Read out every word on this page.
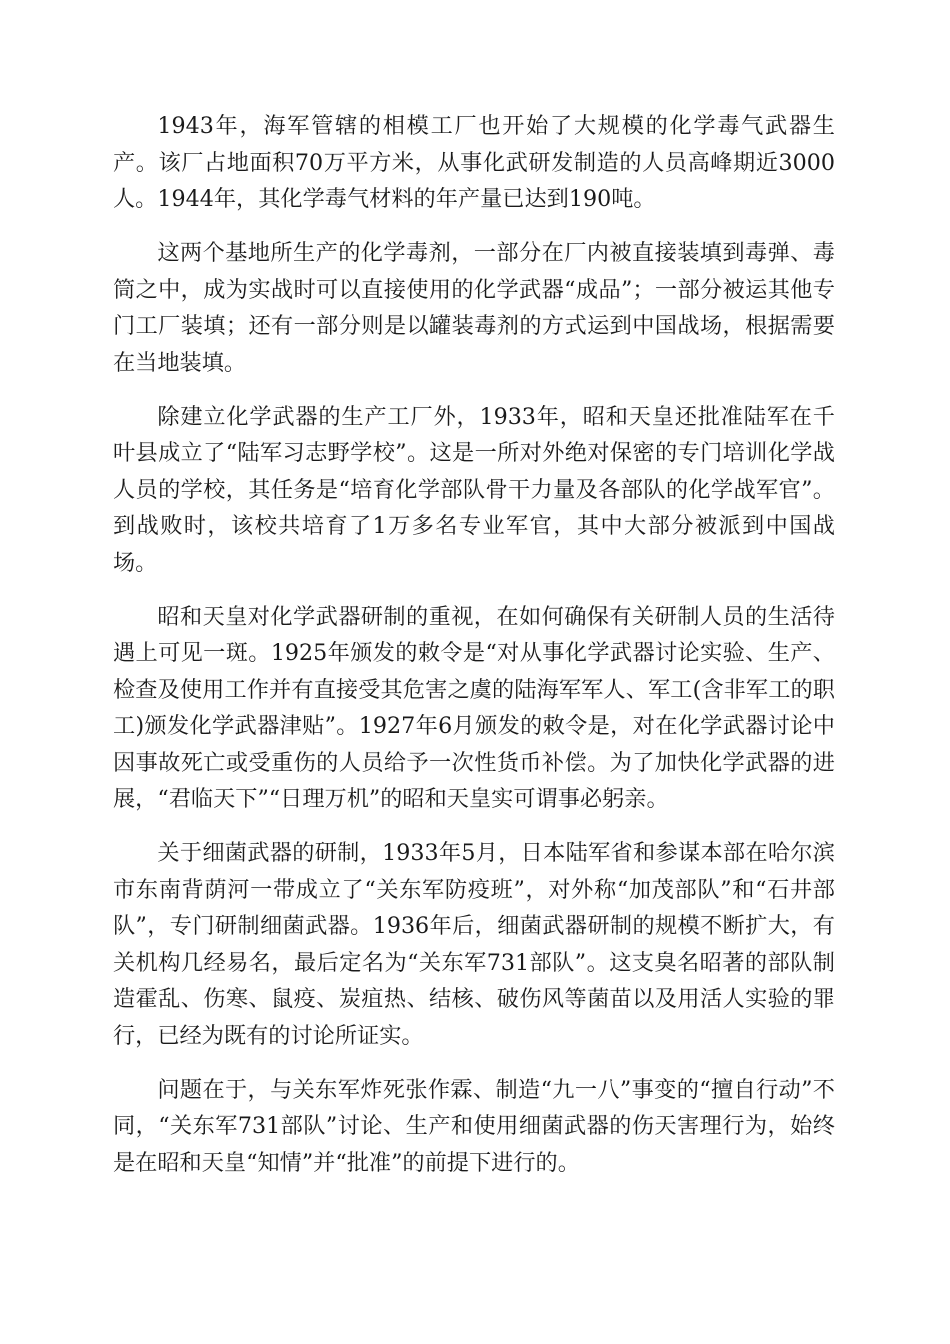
1943年，海军管辖的相模工厂也开始了大规模的化学毒气武器生产。该厂占地面积70万平方米，从事化武研发制造的人员高峰期近3000人。1944年，其化学毒气材料的年产量已达到190吨。

这两个基地所生产的化学毒剂，一部分在厂内被直接装填到毒弹、毒筒之中，成为实战时可以直接使用的化学武器“成品”；一部分被运其他专门工厂装填；还有一部分则是以罐装毒剂的方式运到中国战场，根据需要在当地装填。

除建立化学武器的生产工厂外，1933年，昭和天皇还批准陆军在千叶县成立了“陆军习志野学校”。这是一所对外绝对保密的专门培训化学战人员的学校，其任务是“培育化学部队骨干力量及各部队的化学战军官”。到战败时，该校共培育了1万多名专业军官，其中大部分被派到中国战场。

昭和天皇对化学武器研制的重视，在如何确保有关研制人员的生活待遇上可见一斑。1925年颁发的敕令是“对从事化学武器讨论实验、生产、检查及使用工作并有直接受其危害之虞的陆海军军人、军工(含非军工的职工)颁发化学武器津贴”。1927年6月颁发的敕令是，对在化学武器讨论中因事故死亡或受重伤的人员给予一次性货币补偿。为了加快化学武器的进展，“君临天下”“日理万机”的昭和天皇实可谓事必躬亲。

关于细菌武器的研制，1933年5月，日本陆军省和参谋本部在哈尔滨市东南背荫河一带成立了“关东军防疫班”，对外称“加茂部队”和“石井部队”，专门研制细菌武器。1936年后，细菌武器研制的规模不断扩大，有关机构几经易名，最后定名为“关东军731部队”。这支臭名昭著的部队制造霍乱、伤寒、鼠疫、炭疽热、结核、破伤风等菌苗以及用活人实验的罪行，已经为既有的讨论所证实。

问题在于，与关东军炸死张作霖、制造“九一八”事变的“擅自行动”不同，“关东军731部队”讨论、生产和使用细菌武器的伤天害理行为，始终是在昭和天皇“知情”并“批准”的前提下进行的。
